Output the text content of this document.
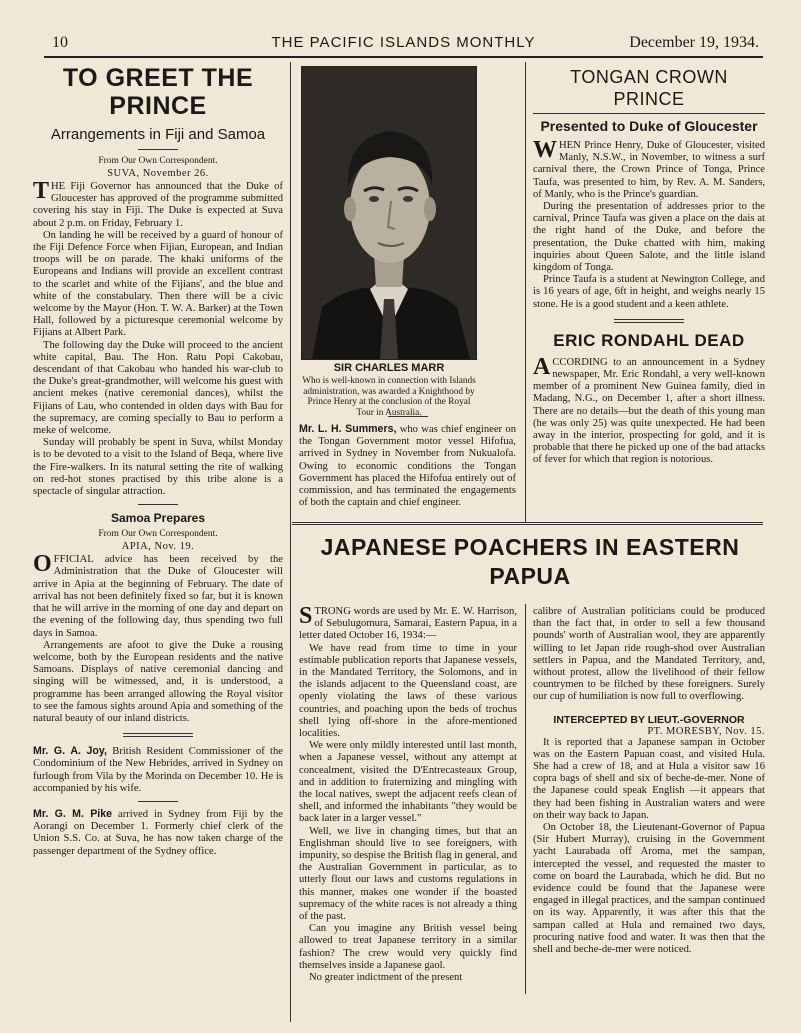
10	THE PACIFIC ISLANDS MONTHLY	December 19, 1934.
TO GREET THE PRINCE
Arrangements in Fiji and Samoa

From Our Own Correspondent.

SUVA, November 26.

THE Fiji Governor has announced that the Duke of Gloucester has approved of the programme submitted covering his stay in Fiji. The Duke is expected at Suva about 2 p.m. on Friday, February 1.

On landing he will be received by a guard of honour of the Fiji Defence Force when Fijian, European, and Indian troops will be on parade. The khaki uniforms of the Europeans and Indians will provide an excellent contrast to the scarlet and white of the Fijians', and the blue and white of the constabulary. Then there will be a civic welcome by the Mayor (Hon. T. W. A. Barker) at the Town Hall, followed by a picturesque ceremonial welcome by Fijians at Albert Park.

The following day the Duke will proceed to the ancient white capital, Bau. The Hon. Ratu Popi Cakobau, descendant of that Cakobau who handed his war-club to the Duke's great-grandmother, will welcome his guest with ancient mekes (native ceremonial dances), whilst the Fijians of Lau, who contended in olden days with Bau for the supremacy, are coming specially to Bau to perform a meke of welcome.

Sunday will probably be spent in Suva, whilst Monday is to be devoted to a visit to the Island of Beqa, where live the Fire-walkers. In its natural setting the rite of walking on red-hot stones practised by this tribe alone is a spectacle of singular attraction.

Samoa Prepares

From Our Own Correspondent.

APIA, Nov. 19.

OFFICIAL advice has been received by the Administration that the Duke of Gloucester will arrive in Apia at the beginning of February. The date of arrival has not been definitely fixed so far, but it is known that he will arrive in the morning of one day and depart on the evening of the following day, thus spending two full days in Samoa.

Arrangements are afoot to give the Duke a rousing welcome, both by the European residents and the native Samoans. Displays of native ceremonial dancing and singing will be witnessed, and, it is understood, a programme has been arranged allowing the Royal visitor to see the famous sights around Apia and something of the natural beauty of our inland districts.

Mr. G. A. Joy, British Resident Commissioner of the Condominium of the New Hebrides, arrived in Sydney on furlough from Vila by the Morinda on December 10. He is accompanied by his wife.

Mr. G. M. Pike arrived in Sydney from Fiji by the Aorangi on December 1. Formerly chief clerk of the Union S.S. Co. at Suva, he has now taken charge of the passenger department of the Sydney office.

SIR CHARLES MARR

Who is well-known in connection with Islands administration, was awarded a Knighthood by Prince Henry at the conclusion of the Royal Tour in Australia.

Mr. L. H. Summers, who was chief engineer on the Tongan Government motor vessel Hifofua, arrived in Sydney in November from Nukualofa. Owing to economic conditions the Tongan Government has placed the Hifofua entirely out of commission, and has terminated the engagements of both the captain and chief engineer.

TONGAN CROWN PRINCE
Presented to Duke of Gloucester

WHEN Prince Henry, Duke of Gloucester, visited Manly, N.S.W., in November, to witness a surf carnival there, the Crown Prince of Tonga, Prince Taufa, was presented to him, by Rev. A. M. Sanders, of Manly, who is the Prince's guardian.

During the presentation of addresses prior to the carnival, Prince Taufa was given a place on the dais at the right hand of the Duke, and before the presentation, the Duke chatted with him, making inquiries about Queen Salote, and the little island kingdom of Tonga.

Prince Taufa is a student at Newington College, and is 16 years of age, 6ft in height, and weighs nearly 15 stone. He is a good student and a keen athlete.

ERIC RONDAHL DEAD

ACCORDING to an announcement in a Sydney newspaper, Mr. Eric Rondahl, a very well-known member of a prominent New Guinea family, died in Madang, N.G., on December 1, after a short illness. There are no details—but the death of this young man (he was only 25) was quite unexpected. He had been away in the interior, prospecting for gold, and it is probable that there he picked up one of the bad attacks of fever for which that region is notorious.

JAPANESE POACHERS IN EASTERN PAPUA

STRONG words are used by Mr. E. W. Harrison, of Sebulugomura, Samarai, Eastern Papua, in a letter dated October 16, 1934:—

We have read from time to time in your estimable publication reports that Japanese vessels, in the Mandated Territory, the Solomons, and in the islands adjacent to the Queensland coast, are openly violating the laws of these various countries, and poaching upon the beds of trochus shell lying off-shore in the afore-mentioned localities.

We were only mildly interested until last month, when a Japanese vessel, without any attempt at concealment, visited the D'Entrecasteaux Group, and in addition to fraternizing and mingling with the local natives, swept the adjacent reefs clean of shell, and informed the inhabitants "they would be back later in a larger vessel."

Well, we live in changing times, but that an Englishman should live to see foreigners, with impunity, so despise the British flag in general, and the Australian Government in particular, as to utterly flout our laws and customs regulations in this manner, makes one wonder if the boasted supremacy of the white races is not already a thing of the past.

Can you imagine any British vessel being allowed to treat Japanese territory in a similar fashion? The crew would very quickly find themselves inside a Japanese gaol.

No greater indictment of the present

calibre of Australian politicians could be produced than the fact that, in order to sell a few thousand pounds' worth of Australian wool, they are apparently willing to let Japan ride rough-shod over Australian settlers in Papua, and the Mandated Territory, and, without protest, allow the livelihood of their fellow countrymen to be filched by these foreigners. Surely our cup of humiliation is now full to overflowing.

INTERCEPTED BY LIEUT.-GOVERNOR

PT. MORESBY, Nov. 15.

It is reported that a Japanese sampan in October was on the Eastern Papuan coast, and visited Hula. She had a crew of 18, and at Hula a visitor saw 16 copra bags of shell and six of beche-de-mer. None of the Japanese could speak English —it appears that they had been fishing in Australian waters and were on their way back to Japan.

On October 18, the Lieutenant-Governor of Papua (Sir Hubert Murray), cruising in the Government yacht Laurabada off Aroma, met the sampan, intercepted the vessel, and requested the master to come on board the Laurabada, which he did. But no evidence could be found that the Japanese were engaged in illegal practices, and the sampan continued on its way. Apparently, it was after this that the sampan called at Hula and remained two days, procuring native food and water. It was then that the shell and beche-de-mer were noticed.
